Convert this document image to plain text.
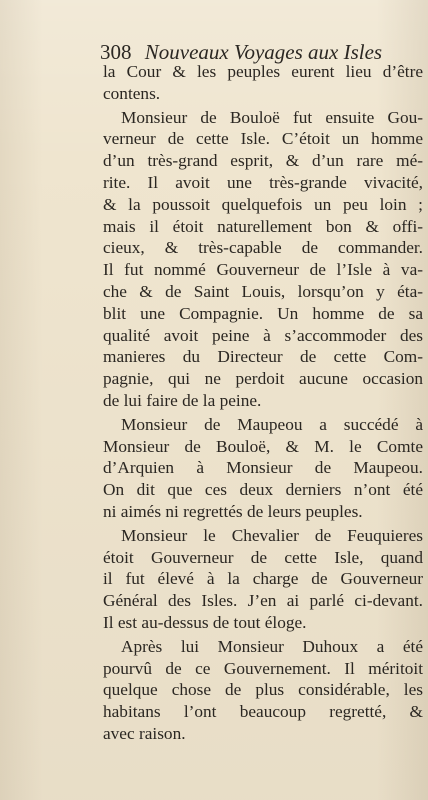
308 Nouveaux Voyages aux Isles
la Cour & les peuples eurent lieu d’être
contens.
Monsieur de Bouloë fut ensuite Gou-
verneur de cette Isle. C’étoit un homme
d’un très-grand esprit, & d’un rare mé-
rite. Il avoit une très-grande vivacité,
& la poussoit quelquefois un peu loin ;
mais il étoit naturellement bon & offi-
cieux, & très-capable de commander.
Il fut nommé Gouverneur de l’Isle à va-
che & de Saint Louis, lorsqu’on y éta-
blit une Compagnie. Un homme de sa
qualité avoit peine à s’accommoder des
manieres du Directeur de cette Com-
pagnie, qui ne perdoit aucune occasion
de lui faire de la peine.
Monsieur de Maupeou a succédé à
Monsieur de Bouloë, & M. le Comte
d’Arquien à Monsieur de Maupeou.
On dit que ces deux derniers n’ont été
ni aimés ni regrettés de leurs peuples.
Monsieur le Chevalier de Feuquieres
étoit Gouverneur de cette Isle, quand
il fut élevé à la charge de Gouverneur
Général des Isles. J’en ai parlé ci-devant.
Il est au-dessus de tout éloge.
Après lui Monsieur Duhoux a été
pourvû de ce Gouvernement. Il méritoit
quelque chose de plus considérable, les
habitans l’ont beaucoup regretté, &
avec raison.
